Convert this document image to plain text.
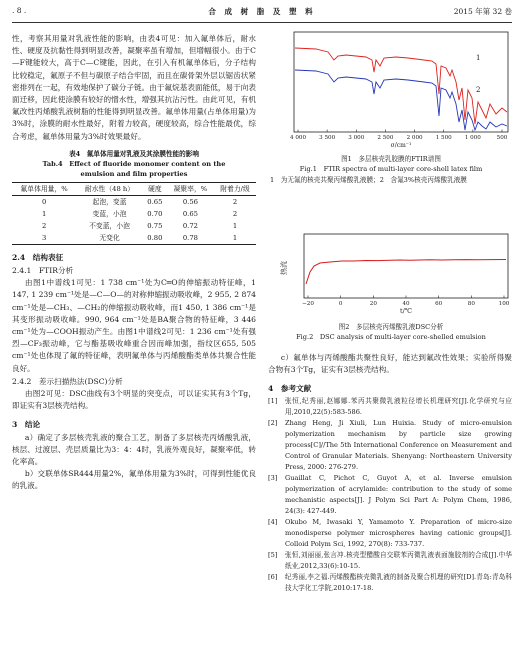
. 8 .	合 成 树 脂 及 塑 料	2015 年第 32 卷

性，考察其用量对乳液性能的影响，由表4可见：加入氟单体后，耐水性、硬度及抗黏性得到明显改善，凝聚率虽有增加，但增幅很小。由于C—F键能较大，高于C—C键能，因此，在引入有机氟单体后，分子结构比较稳定，氟原子不但与碳原子结合牢固，而且在碳骨架外层以锯齿状紧密排列在一起，有效地保护了碳分子链。由于氟烷基表面能低，易于向表面迁移，因此使涂膜有较好的憎水性，增强其抗沾污性。由此可见，有机氟改性丙烯酸乳液树脂的性能得到明显改善。氟单体用量(占单体用量)为3%时，涂膜的耐水性最好，附着力较高，硬度较高，综合性能最优，综合考虑，氟单体用量为3%时效果最好。

表4　氟单体用量对乳液及其涂膜性能的影响
Tab.4　Effect of fluoride monomer content on the
emulsion and film properties
氟单体用量，%	耐水性（48 h）	硬度	凝聚率，%	附着力/级
0	起泡，变蓝	0.65	0.56	2
1	变蓝，小泡	0.70	0.65	2
2	不变蓝，小泡	0.75	0.72	1
3	无变化	0.80	0.78	1

2.4　结构表征

2.4.1　FTIR分析

由图1中谱线1可见：1 738 cm⁻¹处为C═O的伸缩振动特征峰，1 147, 1 239 cm⁻¹处是—C—O—的对称伸缩振动吸收峰，2 955, 2 874 cm⁻¹处是—CH₃、—CH₂的伸缩振动吸收峰，而1 450, 1 386 cm⁻¹是其变形振动吸收峰。990, 964 cm⁻¹处是BA聚合物的特征峰，3 446 cm⁻¹处为—COOH振动产生。由图1中谱线2可见：1 236 cm⁻¹处有强烈—CF₃振动峰，它与酯基吸收峰重合因而峰加强，指纹区655, 505 cm⁻¹处也体现了氟的特征峰，表明氟单体与丙烯酸酯类单体共聚合性能良好。

2.4.2　差示扫描热法(DSC)分析

由图2可见：DSC曲线有3个明显的突变点，可以证实其有3个Tg，即证实有3层核壳结构。

3　结论

a）确定了多层核壳乳液的聚合工艺，制备了多层核壳丙烯酸乳液，核层、过渡层、壳层质量比为3：4：4时，乳液外观良好，凝聚率低，转化率高。

b）交联单体SR444用量2%，氟单体用量为3%时，可得到性能优良的乳液。

1
2
4 000 3 500 3 000 2 500 2 000 1 500 1 000	500
σ/cm⁻¹
图1　多层核壳乳胶膜的FTIR谱图
Fig.1　FTIR spectra of multi-layer core-shell latex film
1　为无氟的核壳共聚丙烯酸乳液膜；2　含氟3%核壳丙烯酸乳液膜
热流
−20	0	20	40	60	80	100
t/℃
图2　多层核壳丙烯酸乳液DSC分析
Fig.2　DSC analysis of multi-layer core-shelled emulsion

c）氟单体与丙烯酸酯共聚性良好，能达到氟改性效果；实验所得聚合物有3个Tg，证实有3层核壳结构。

4　参考文献

[1]	张恒,纪秀丽,赵娜娜.苯丙共聚微乳液粒径增长机理研究[J].化学研究与应用,2010,22(5):583-586.
[2]	Zhang Heng, Ji Xiuli, Lun Huixia. Study of micro-emulsion polymerization mechanism by particle size growing process[C]//The 5th International Conference on Measurement and Control of Granular Materials. Shenyang: Northeastern University Press, 2000: 276-279.
[3]	Guaillat C, Pichot C, Guyot A, et al. Inverse emulsion polymerization of acrylamide: contribution to the study of some mechanistic aspects[J]. J Polym Sci Part A: Polym Chem, 1986, 24(3): 427-449.
[4]	Okubo M, Iwasaki Y, Yamamoto Y. Preparation of micro-size monodisperse polymer microspheres having cationic groups[J]. Colloid Polym Sci, 1992, 270(8): 733-737.
[5]	张恒,刘丽丽,张言冲.核壳型醋酸自交联苯丙微乳液表面施胶剂的合成[J].中华纸业,2012,33(6):10-15.
[6]	纪秀丽,李之福.丙烯酸酯核壳微乳液的制备及聚合机理的研究[D].青岛:青岛科技大学化工学院,2010:17-18.
